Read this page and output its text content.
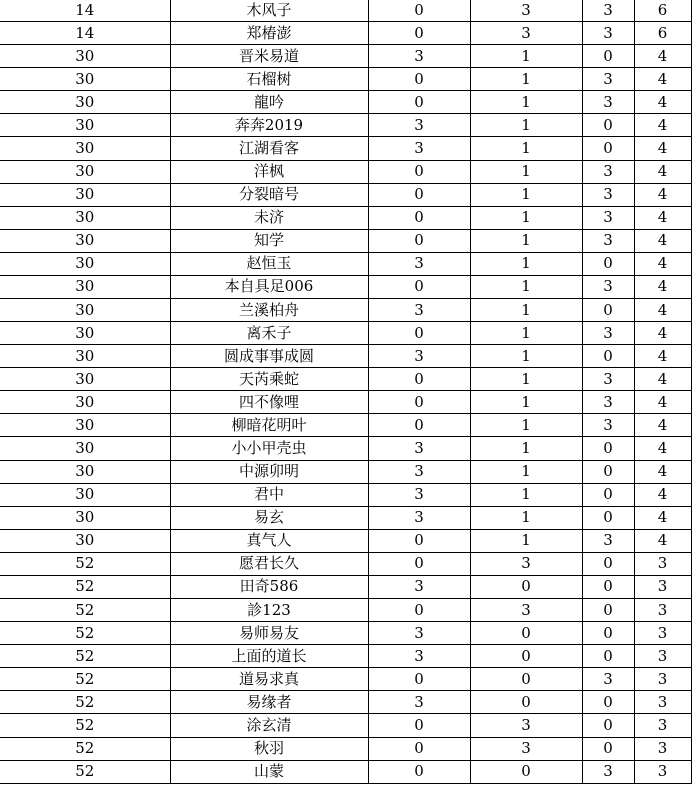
14	木风子	0	3	3	6
14	郑椿澎	0	3	3	6
30	晋米易道	3	1	0	4
30	石榴树	0	1	3	4
30	龍吟	0	1	3	4
30	奔奔2019	3	1	0	4
30	江湖看客	3	1	0	4
30	洋枫	0	1	3	4
30	分裂暗号	0	1	3	4
30	未济	0	1	3	4
30	知学	0	1	3	4
30	赵恒玉	3	1	0	4
30	本自具足006	0	1	3	4
30	兰溪柏舟	3	1	0	4
30	离禾子	0	1	3	4
30	圆成事事成圆	3	1	0	4
30	天芮乘蛇	0	1	3	4
30	四不像哩	0	1	3	4
30	柳暗花明叶	0	1	3	4
30	小小甲壳虫	3	1	0	4
30	中源卯明	3	1	0	4
30	君中	3	1	0	4
30	易玄	3	1	0	4
30	真气人	0	1	3	4
52	愿君长久	0	3	0	3
52	田奇586	3	0	0	3
52	診123	0	3	0	3
52	易师易友	3	0	0	3
52	上面的道长	3	0	0	3
52	道易求真	0	0	3	3
52	易缘者	3	0	0	3
52	涂玄清	0	3	0	3
52	秋羽	0	3	0	3
52	山蒙	0	0	3	3
